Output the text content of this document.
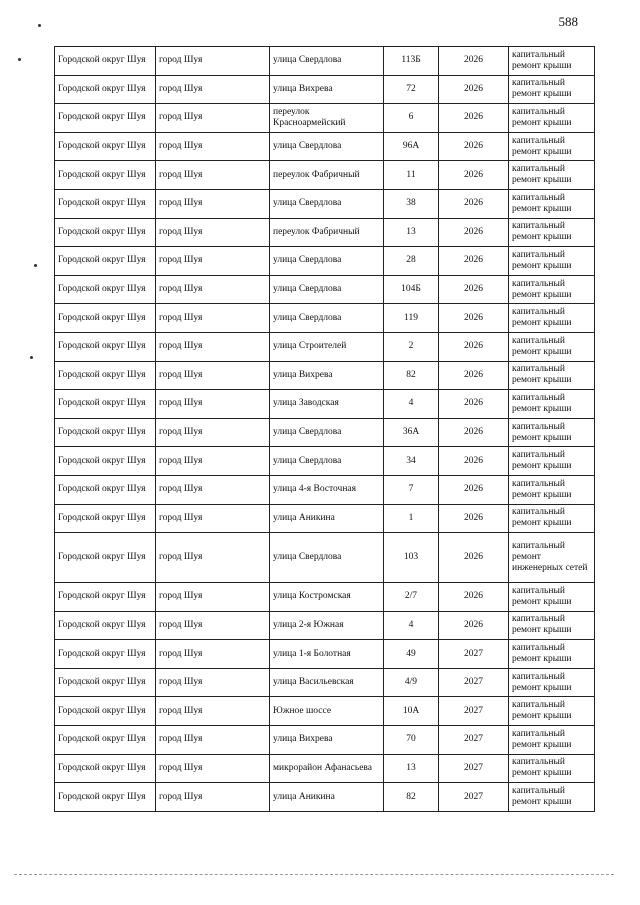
588
Городской округ Шуя	город Шуя	улица Свердлова	113Б	2026	капитальный ремонт крыши
Городской округ Шуя	город Шуя	улица Вихрева	72	2026	капитальный ремонт крыши
Городской округ Шуя	город Шуя	переулок Красноармейский	6	2026	капитальный ремонт крыши
Городской округ Шуя	город Шуя	улица Свердлова	96А	2026	капитальный ремонт крыши
Городской округ Шуя	город Шуя	переулок Фабричный	11	2026	капитальный ремонт крыши
Городской округ Шуя	город Шуя	улица Свердлова	38	2026	капитальный ремонт крыши
Городской округ Шуя	город Шуя	переулок Фабричный	13	2026	капитальный ремонт крыши
Городской округ Шуя	город Шуя	улица Свердлова	28	2026	капитальный ремонт крыши
Городской округ Шуя	город Шуя	улица Свердлова	104Б	2026	капитальный ремонт крыши
Городской округ Шуя	город Шуя	улица Свердлова	119	2026	капитальный ремонт крыши
Городской округ Шуя	город Шуя	улица Строителей	2	2026	капитальный ремонт крыши
Городской округ Шуя	город Шуя	улица Вихрева	82	2026	капитальный ремонт крыши
Городской округ Шуя	город Шуя	улица Заводская	4	2026	капитальный ремонт крыши
Городской округ Шуя	город Шуя	улица Свердлова	36А	2026	капитальный ремонт крыши
Городской округ Шуя	город Шуя	улица Свердлова	34	2026	капитальный ремонт крыши
Городской округ Шуя	город Шуя	улица 4-я Восточная	7	2026	капитальный ремонт крыши
Городской округ Шуя	город Шуя	улица Аникина	1	2026	капитальный ремонт крыши
Городской округ Шуя	город Шуя	улица Свердлова	103	2026	капитальный ремонт инженерных сетей
Городской округ Шуя	город Шуя	улица Костромская	2/7	2026	капитальный ремонт крыши
Городской округ Шуя	город Шуя	улица 2-я Южная	4	2026	капитальный ремонт крыши
Городской округ Шуя	город Шуя	улица 1-я Болотная	49	2027	капитальный ремонт крыши
Городской округ Шуя	город Шуя	улица Васильевская	4/9	2027	капитальный ремонт крыши
Городской округ Шуя	город Шуя	Южное шоссе	10А	2027	капитальный ремонт крыши
Городской округ Шуя	город Шуя	улица Вихрева	70	2027	капитальный ремонт крыши
Городской округ Шуя	город Шуя	микрорайон Афанасьева	13	2027	капитальный ремонт крыши
Городской округ Шуя	город Шуя	улица Аникина	82	2027	капитальный ремонт крыши
